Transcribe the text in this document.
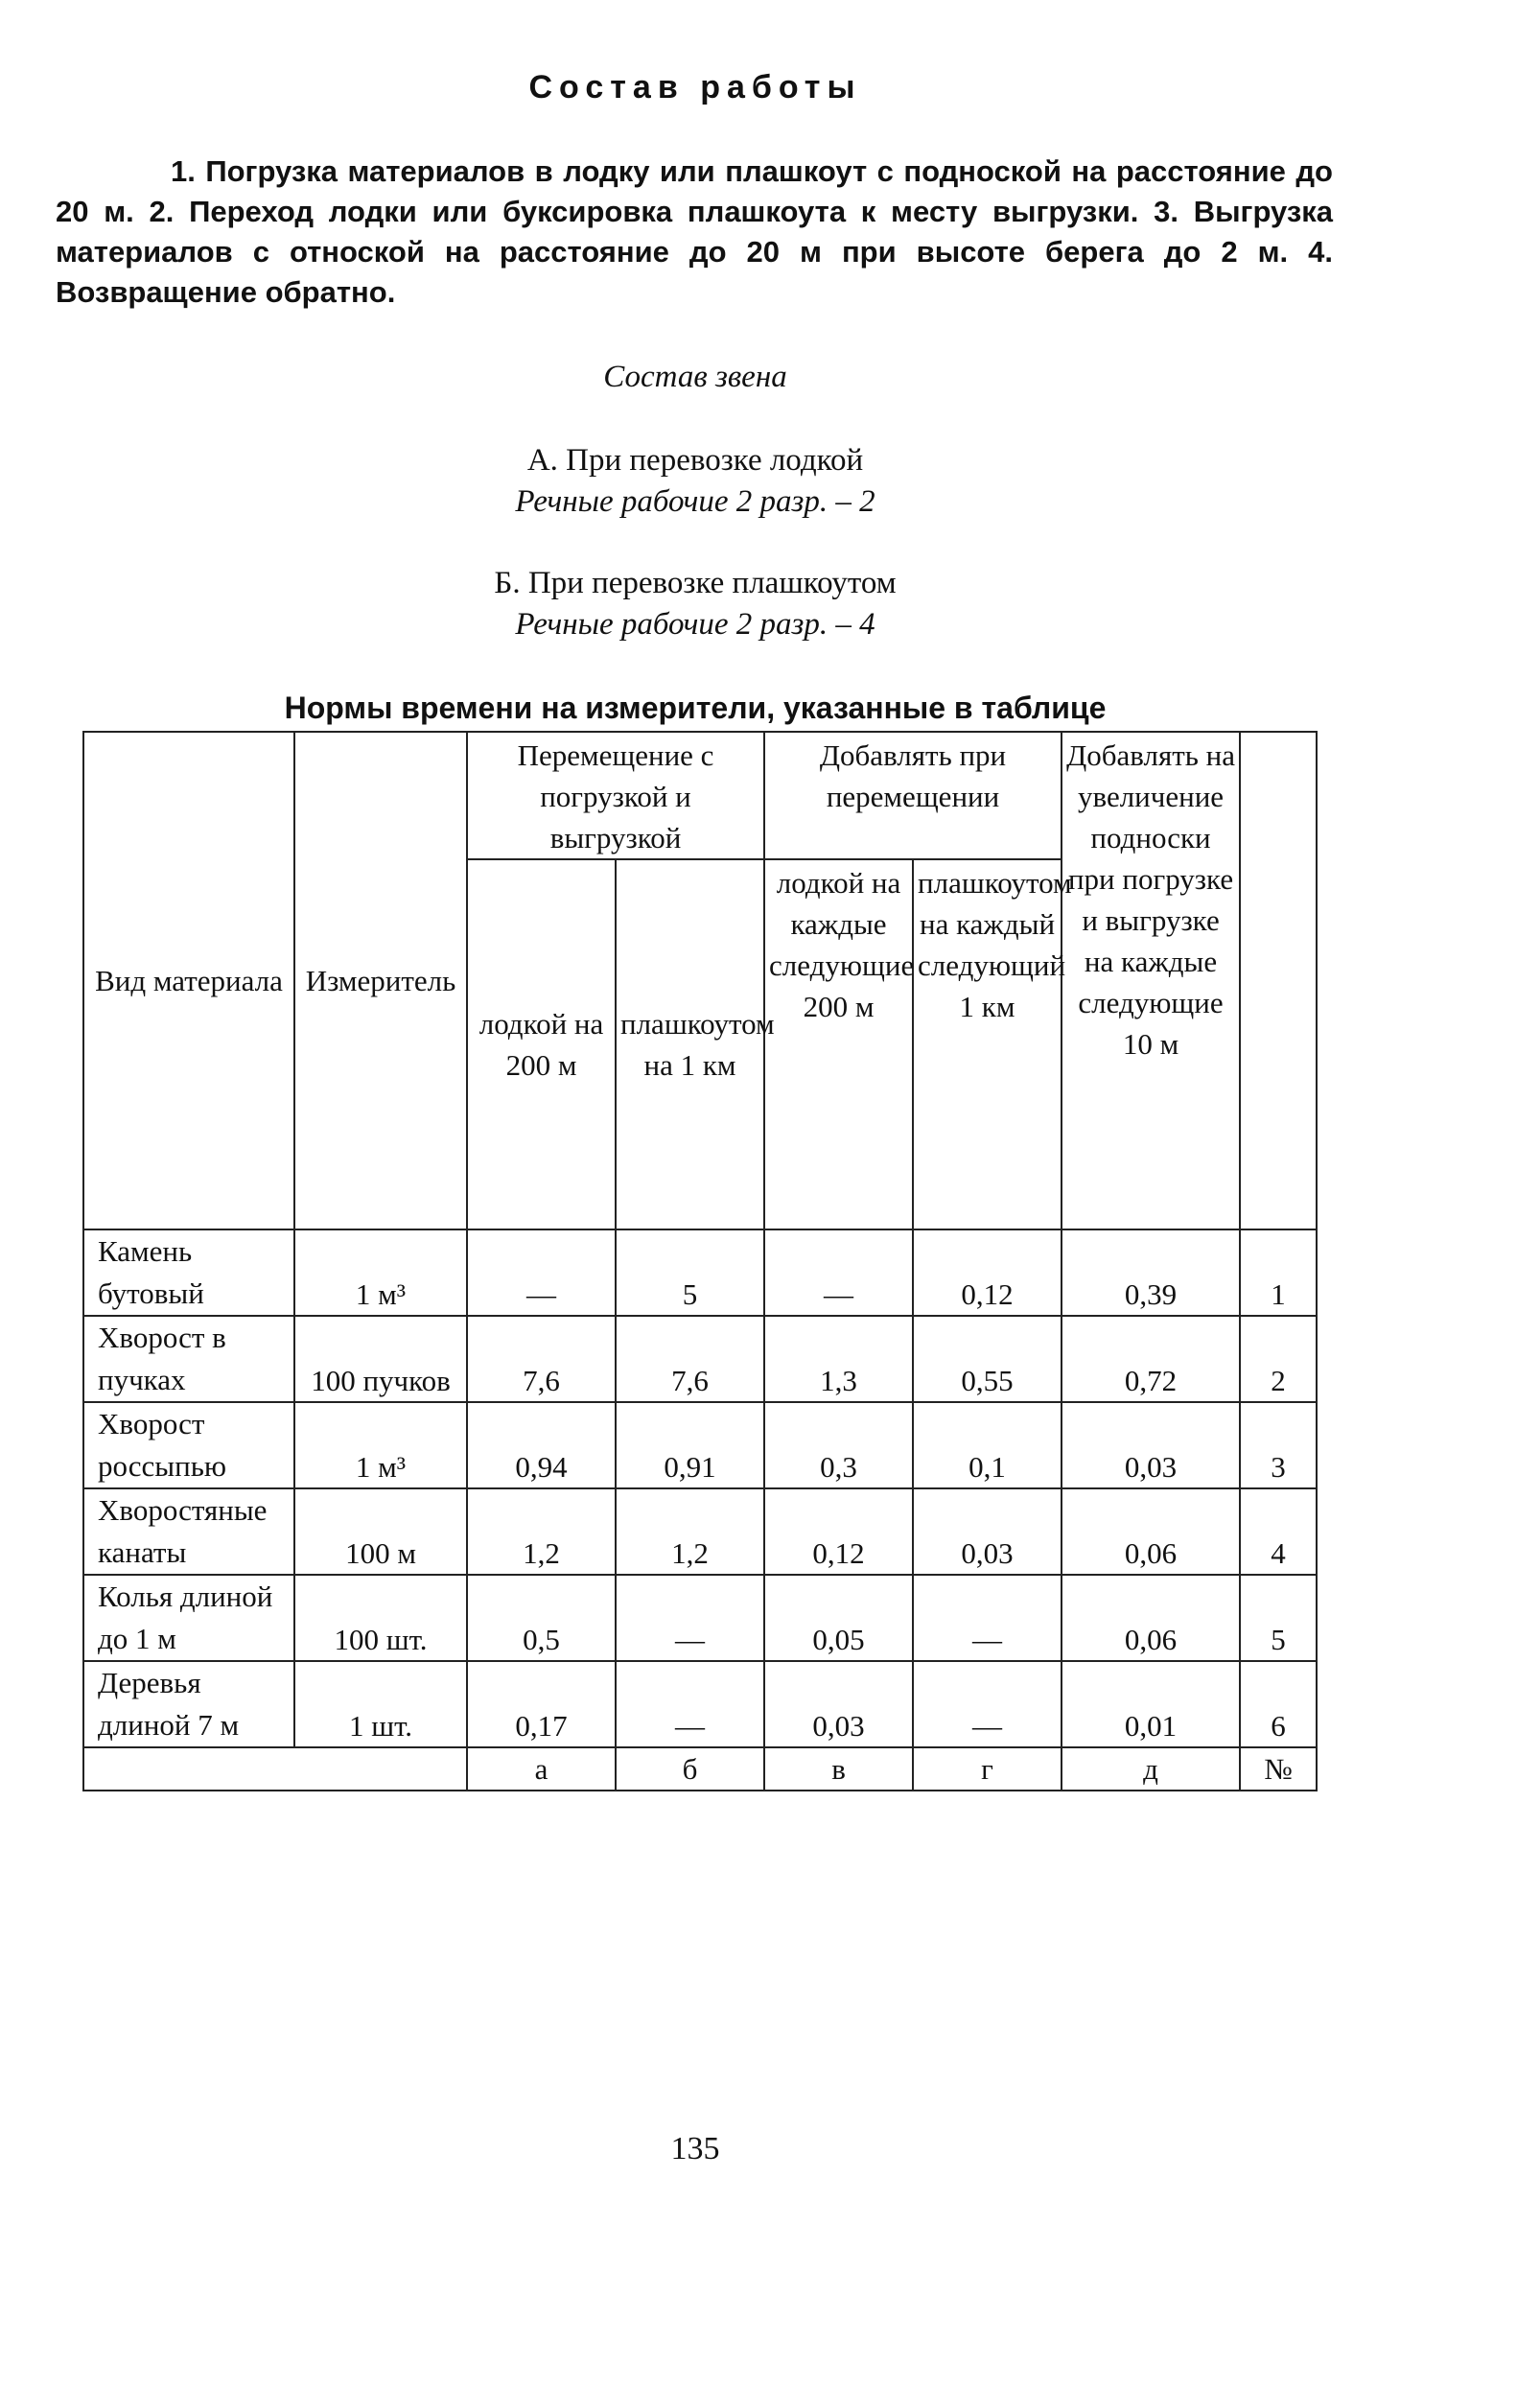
Состав работы

1. Погрузка материалов в лодку или плашкоут с подноской на расстояние до 20 м. 2. Переход лодки или буксировка плашкоута к месту выгрузки. 3. Выгрузка материалов с отноской на расстояние до 20 м при высоте берега до 2 м. 4. Возвращение обратно.

Состав звена
А. При перевозке лодкой
Речные рабочие 2 разр. – 2
Б. При перевозке плашкоутом
Речные рабочие 2 разр. – 4
Нормы времени на измерители, указанные в таблице
Вид материала	Измеритель	Перемещение с погрузкой и выгрузкой		Добавлять при перемещении		Добавлять на увеличение подноски при погрузке и выгрузке на каждые следующие 10 м	
		лодкой на 200 м	плашкоутом на 1 км	лодкой на каждые следующие 200 м	плашкоутом на каждый следующий 1 км		
Камень бутовый	1 м³	—	5	—	0,12	0,39	1
Хворост в пучках	100 пучков	7,6	7,6	1,3	0,55	0,72	2
Хворост россыпью	1 м³	0,94	0,91	0,3	0,1	0,03	3
Хворостяные канаты	100 м	1,2	1,2	0,12	0,03	0,06	4
Колья длиной до 1 м	100 шт.	0,5	—	0,05	—	0,06	5
Деревья длиной 7 м	1 шт.	0,17	—	0,03	—	0,01	6
		а	б	в	г	д	№
135
